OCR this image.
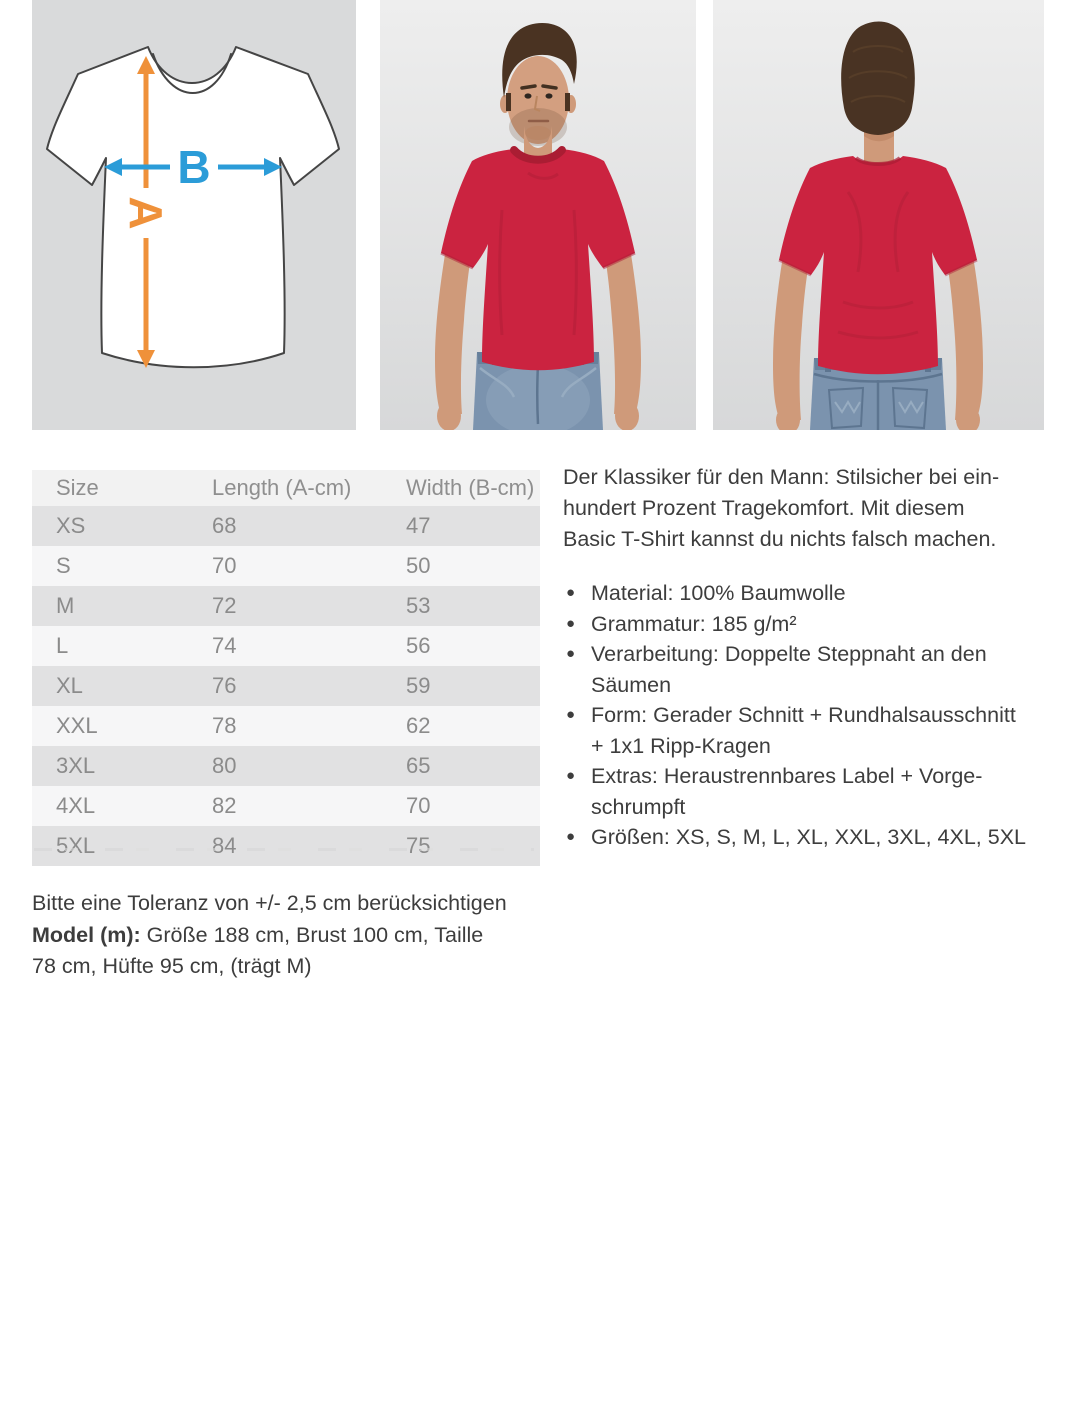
A
B
Size	Length (A-cm)	Width (B-cm)
XS	68	47
S	70	50
M	72	53
L	74	56
XL	76	59
XXL	78	62
3XL	80	65
4XL	82	70
5XL	84	75
Der Klassiker für den Mann: Stilsicher bei ein-
hundert Prozent Tragekomfort. Mit diesem
Basic T-Shirt kannst du nichts falsch machen.
● Material: 100% Baumwolle
● Grammatur: 185 g/m²
● Verarbeitung: Doppelte Steppnaht an den
Säumen
● Form: Gerader Schnitt + Rundhalsausschnitt
+ 1x1 Ripp-Kragen
● Extras: Heraustrennbares Label + Vorge-
schrumpft
● Größen: XS, S, M, L, XL, XXL, 3XL, 4XL, 5XL
Bitte eine Toleranz von +/- 2,5 cm berücksichtigen
Model (m): Größe 188 cm, Brust 100 cm, Taille
78 cm, Hüfte 95 cm, (trägt M)
